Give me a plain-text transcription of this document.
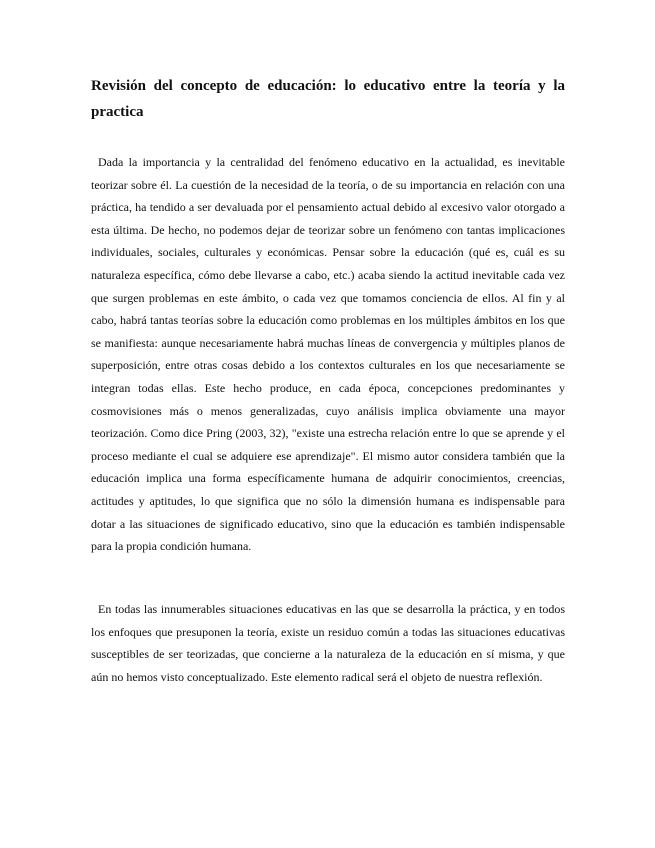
Revisión del concepto de educación: lo educativo entre la teoría y la practica

Dada la importancia y la centralidad del fenómeno educativo en la actualidad, es inevitable teorizar sobre él. La cuestión de la necesidad de la teoría, o de su importancia en relación con una práctica, ha tendido a ser devaluada por el pensamiento actual debido al excesivo valor otorgado a esta última. De hecho, no podemos dejar de teorizar sobre un fenómeno con tantas implicaciones individuales, sociales, culturales y económicas. Pensar sobre la educación (qué es, cuál es su naturaleza específica, cómo debe llevarse a cabo, etc.) acaba siendo la actitud inevitable cada vez que surgen problemas en este ámbito, o cada vez que tomamos conciencia de ellos. Al fin y al cabo, habrá tantas teorías sobre la educación como problemas en los múltiples ámbitos en los que se manifiesta: aunque necesariamente habrá muchas líneas de convergencia y múltiples planos de superposición, entre otras cosas debido a los contextos culturales en los que necesariamente se integran todas ellas. Este hecho produce, en cada época, concepciones predominantes y cosmovisiones más o menos generalizadas, cuyo análisis implica obviamente una mayor teorización. Como dice Pring (2003, 32), "existe una estrecha relación entre lo que se aprende y el proceso mediante el cual se adquiere ese aprendizaje". El mismo autor considera también que la educación implica una forma específicamente humana de adquirir conocimientos, creencias, actitudes y aptitudes, lo que significa que no sólo la dimensión humana es indispensable para dotar a las situaciones de significado educativo, sino que la educación es también indispensable para la propia condición humana.

En todas las innumerables situaciones educativas en las que se desarrolla la práctica, y en todos los enfoques que presuponen la teoría, existe un residuo común a todas las situaciones educativas susceptibles de ser teorizadas, que concierne a la naturaleza de la educación en sí misma, y que aún no hemos visto conceptualizado. Este elemento radical será el objeto de nuestra reflexión.
